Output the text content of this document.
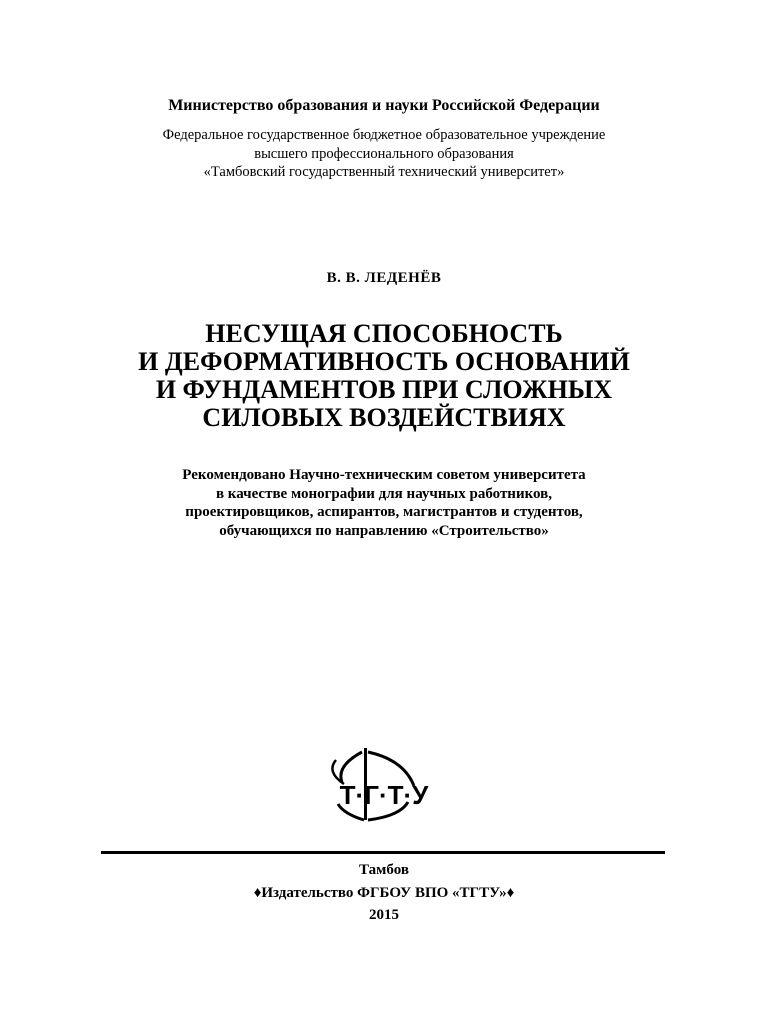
Министерство образования и науки Российской Федерации
Федеральное государственное бюджетное образовательное учреждение
высшего профессионального образования
«Тамбовский государственный технический университет»
В. В. ЛЕДЕНЁВ
НЕСУЩАЯ СПОСОБНОСТЬ
И ДЕФОРМАТИВНОСТЬ ОСНОВАНИЙ
И ФУНДАМЕНТОВ ПРИ СЛОЖНЫХ
СИЛОВЫХ ВОЗДЕЙСТВИЯХ
Рекомендовано Научно-техническим советом университета
в качестве монографии для научных работников,
проектировщиков, аспирантов, магистрантов и студентов,
обучающихся по направлению «Строительство»
Т·Г·Т·У
Тамбов
♦Издательство ФГБОУ ВПО «ТГТУ»♦
2015
